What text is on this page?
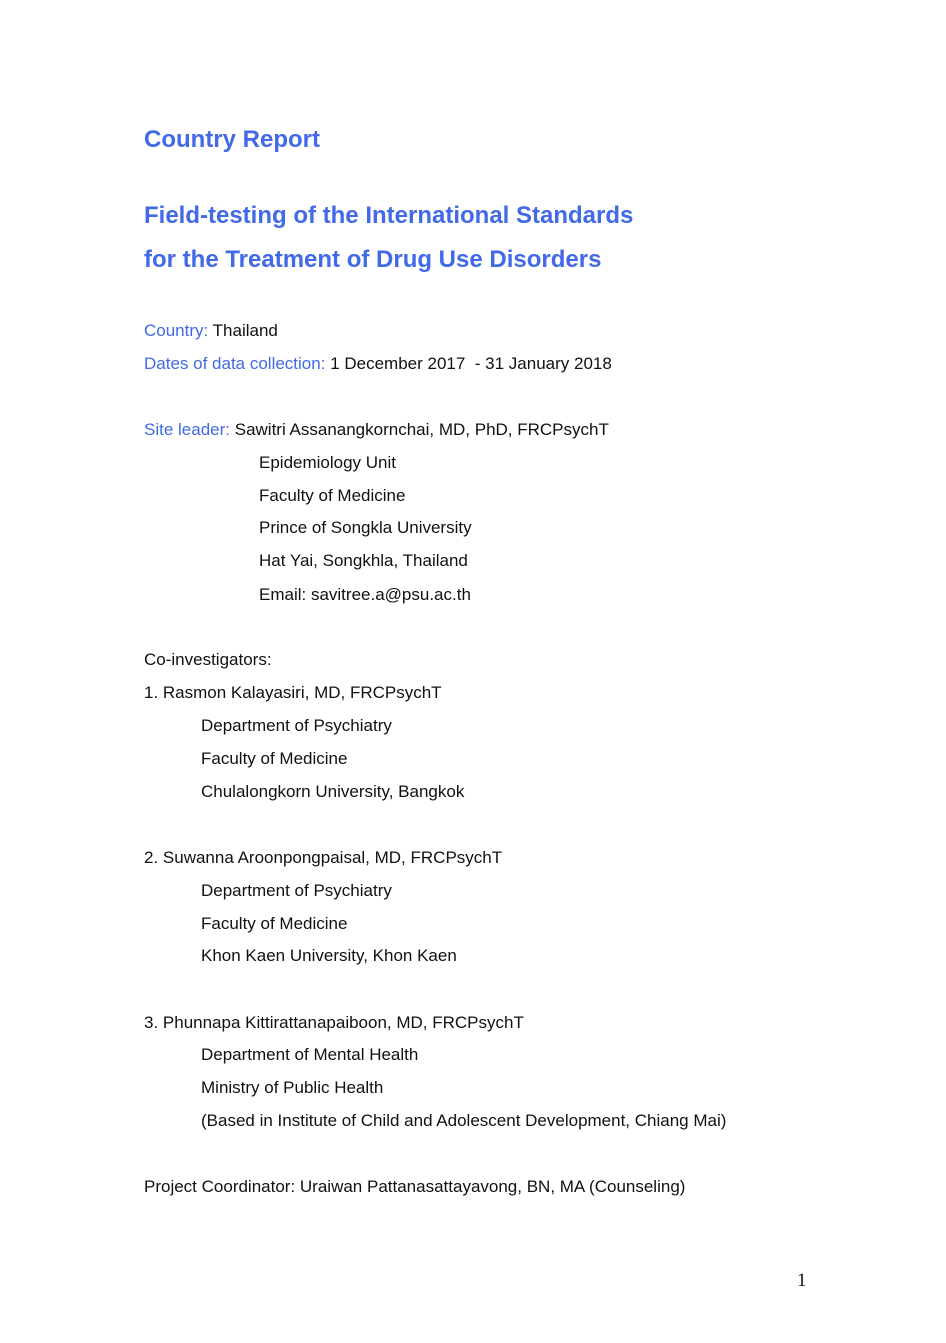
Country Report
Field-testing of the International Standards
for the Treatment of Drug Use Disorders
Country: Thailand
Dates of data collection: 1 December 2017  - 31 January 2018
Site leader: Sawitri Assanangkornchai, MD, PhD, FRCPsychT
Epidemiology Unit
Faculty of Medicine
Prince of Songkla University
Hat Yai, Songkhla, Thailand
Email: savitree.a@psu.ac.th
Co-investigators:
1. Rasmon Kalayasiri, MD, FRCPsychT
Department of Psychiatry
Faculty of Medicine
Chulalongkorn University, Bangkok
2. Suwanna Aroonpongpaisal, MD, FRCPsychT
Department of Psychiatry
Faculty of Medicine
Khon Kaen University, Khon Kaen
3. Phunnapa Kittirattanapaiboon, MD, FRCPsychT
Department of Mental Health
Ministry of Public Health
(Based in Institute of Child and Adolescent Development, Chiang Mai)
Project Coordinator: Uraiwan Pattanasattayavong, BN, MA (Counseling)
1
